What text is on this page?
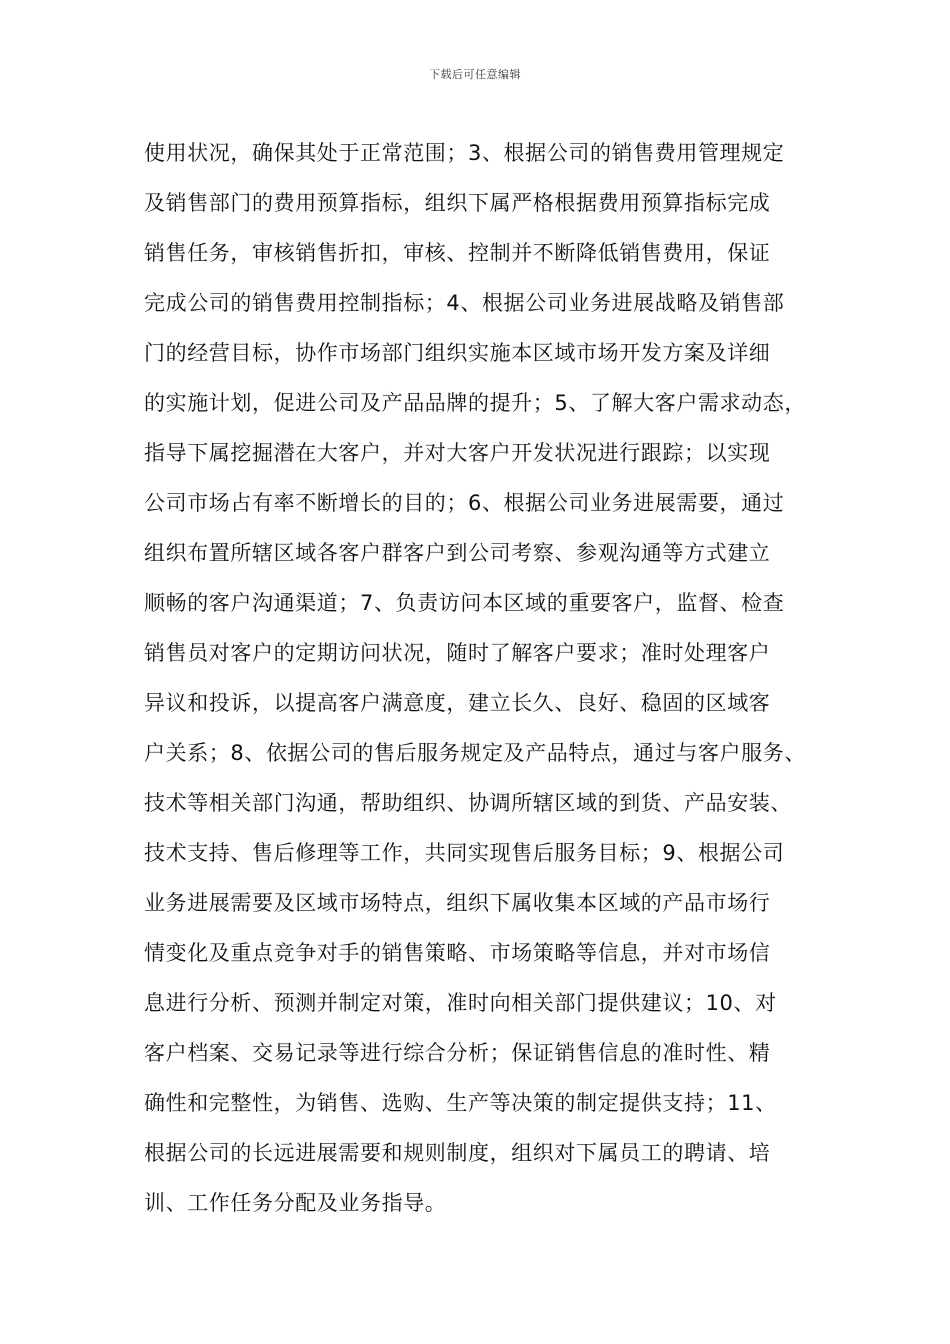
下载后可任意编辑
使用状况，确保其处于正常范围；3、根据公司的销售费用管理规定
及销售部门的费用预算指标，组织下属严格根据费用预算指标完成
销售任务，审核销售折扣，审核、控制并不断降低销售费用，保证
完成公司的销售费用控制指标；4、根据公司业务进展战略及销售部
门的经营目标，协作市场部门组织实施本区域市场开发方案及详细
的实施计划，促进公司及产品品牌的提升；5、了解大客户需求动态，
指导下属挖掘潜在大客户，并对大客户开发状况进行跟踪；以实现
公司市场占有率不断增长的目的；6、根据公司业务进展需要，通过
组织布置所辖区域各客户群客户到公司考察、参观沟通等方式建立
顺畅的客户沟通渠道；7、负责访问本区域的重要客户，监督、检查
销售员对客户的定期访问状况，随时了解客户要求；准时处理客户
异议和投诉，以提高客户满意度，建立长久、良好、稳固的区域客
户关系；8、依据公司的售后服务规定及产品特点，通过与客户服务、
技术等相关部门沟通，帮助组织、协调所辖区域的到货、产品安装、
技术支持、售后修理等工作，共同实现售后服务目标；9、根据公司
业务进展需要及区域市场特点，组织下属收集本区域的产品市场行
情变化及重点竞争对手的销售策略、市场策略等信息，并对市场信
息进行分析、预测并制定对策，准时向相关部门提供建议；10、对
客户档案、交易记录等进行综合分析；保证销售信息的准时性、精
确性和完整性，为销售、选购、生产等决策的制定提供支持；11、
根据公司的长远进展需要和规则制度，组织对下属员工的聘请、培
训、工作任务分配及业务指导。
